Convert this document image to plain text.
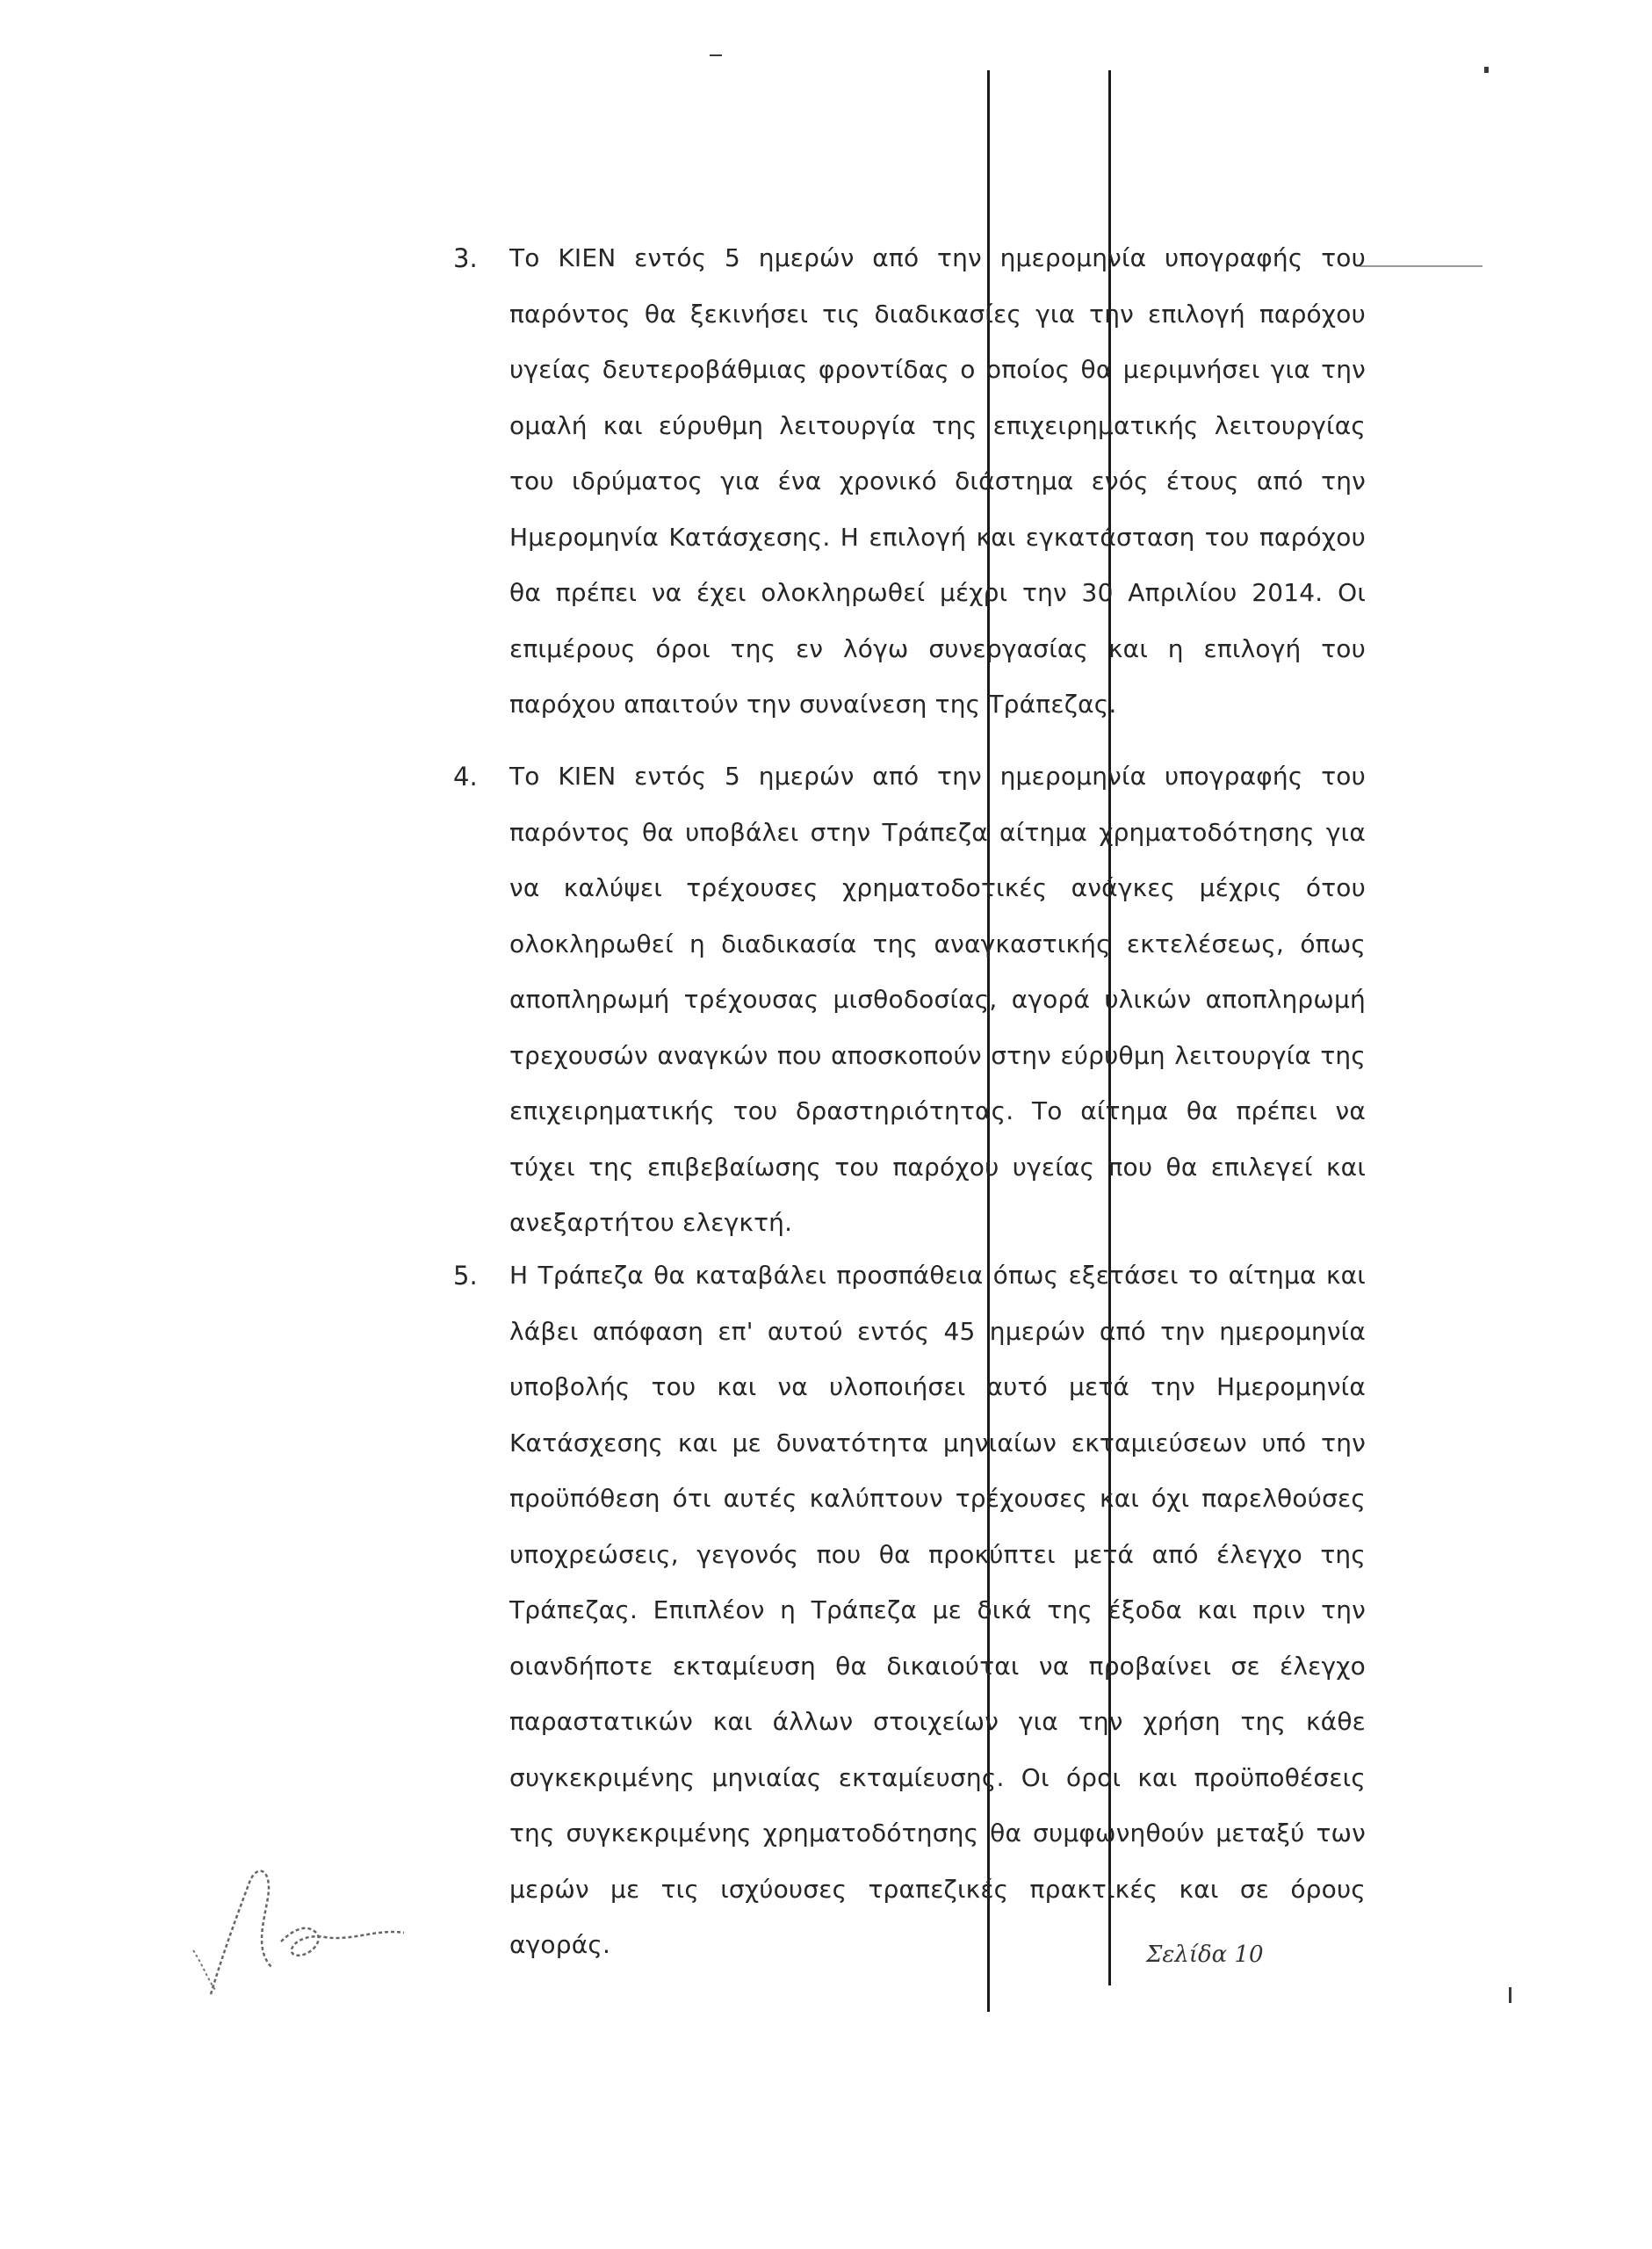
3. Το ΚΙΕΝ εντός 5 ημερών από την ημερομηνία υπογραφής του παρόντος θα ξεκινήσει τις διαδικασίες για την επιλογή παρόχου υγείας δευτεροβάθμιας φροντίδας ο οποίος θα μεριμνήσει για την ομαλή και εύρυθμη λειτουργία της επιχειρηματικής λειτουργίας του ιδρύματος για ένα χρονικό διάστημα ενός έτους από την Ημερομηνία Κατάσχεσης. Η επιλογή και εγκατάσταση του παρόχου θα πρέπει να έχει ολοκληρωθεί μέχρι την 30 Απριλίου 2014. Οι επιμέρους όροι της εν λόγω συνεργασίας και η επιλογή του παρόχου απαιτούν την συναίνεση της Τράπεζας.
4. Το ΚΙΕΝ εντός 5 ημερών από την ημερομηνία υπογραφής του παρόντος θα υποβάλει στην Τράπεζα αίτημα χρηματοδότησης για να καλύψει τρέχουσες χρηματοδοτικές ανάγκες μέχρις ότου ολοκληρωθεί η διαδικασία της αναγκαστικής εκτελέσεως, όπως αποπληρωμή τρέχουσας μισθοδοσίας, αγορά υλικών αποπληρωμή τρεχουσών αναγκών που αποσκοπούν στην εύρυθμη λειτουργία της επιχειρηματικής του δραστηριότητας. Το αίτημα θα πρέπει να τύχει της επιβεβαίωσης του παρόχου υγείας που θα επιλεγεί και ανεξαρτήτου ελεγκτή.
5. Η Τράπεζα θα καταβάλει προσπάθεια όπως εξετάσει το αίτημα και λάβει απόφαση επ' αυτού εντός 45 ημερών από την ημερομηνία υποβολής του και να υλοποιήσει αυτό μετά την Ημερομηνία Κατάσχεσης και με δυνατότητα μηνιαίων εκταμιεύσεων υπό την προϋπόθεση ότι αυτές καλύπτουν τρέχουσες και όχι παρελθούσες υποχρεώσεις, γεγονός που θα προκύπτει μετά από έλεγχο της Τράπεζας. Επιπλέον η Τράπεζα με δικά της έξοδα και πριν την οιανδήποτε εκταμίευση θα δικαιούται να προβαίνει σε έλεγχο παραστατικών και άλλων στοιχείων για την χρήση της κάθε συγκεκριμένης μηνιαίας εκταμίευσης. Οι όροι και προϋποθέσεις της συγκεκριμένης χρηματοδότησης θα συμφωνηθούν μεταξύ των μερών με τις ισχύουσες τραπεζικές πρακτικές και σε όρους αγοράς.	Σελίδα 10
